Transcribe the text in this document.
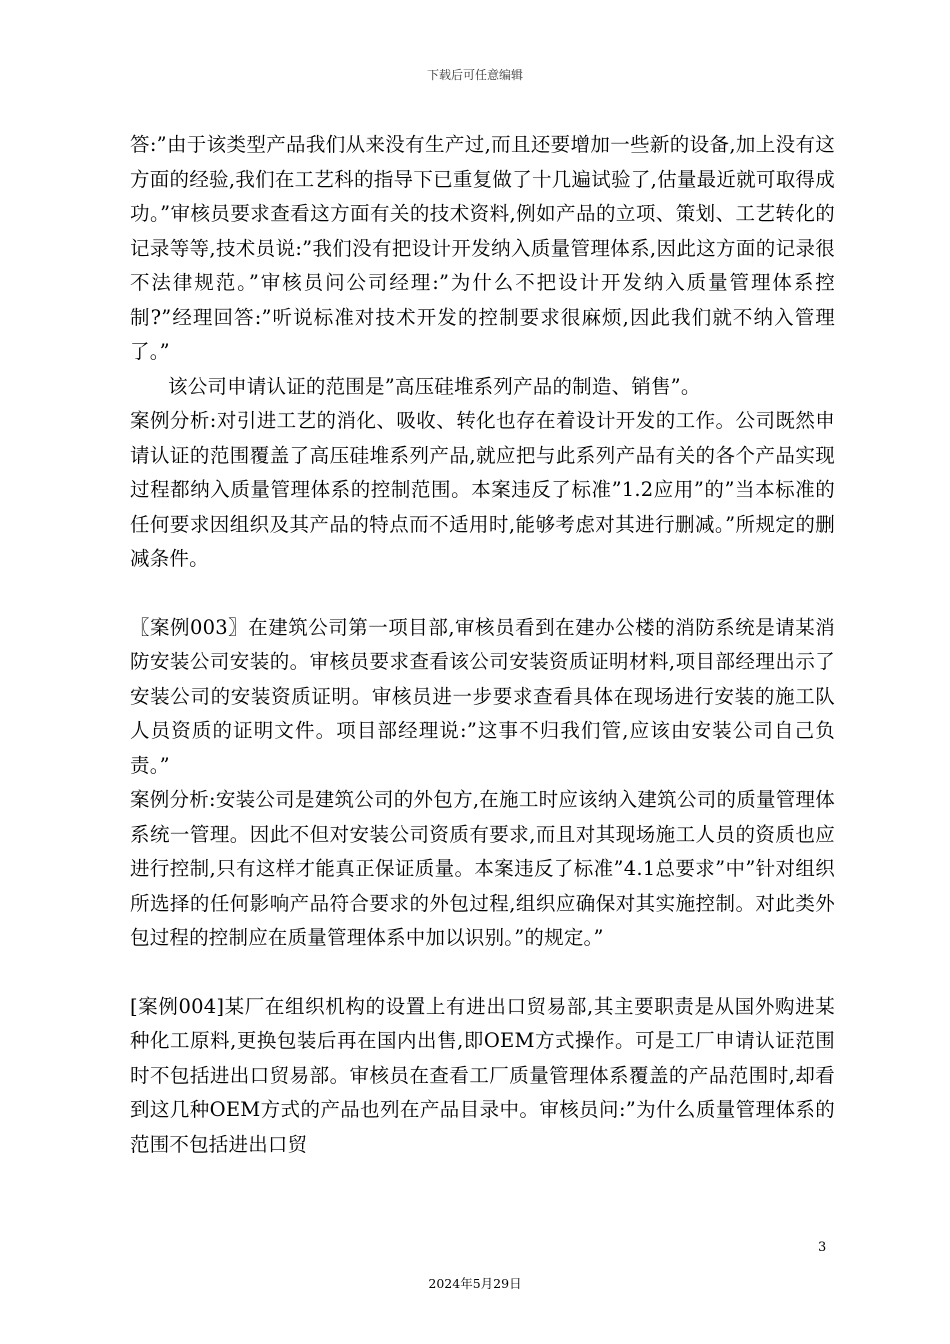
下载后可任意编辑

答:”由于该类型产品我们从来没有生产过,而且还要增加一些新的设备,加上没有这方面的经验,我们在工艺科的指导下已重复做了十几遍试验了,估量最近就可取得成功。”审核员要求查看这方面有关的技术资料,例如产品的立项、策划、工艺转化的记录等等,技术员说:”我们没有把设计开发纳入质量管理体系,因此这方面的记录很不法律规范。”审核员问公司经理:”为什么不把设计开发纳入质量管理体系控制?”经理回答:”听说标准对技术开发的控制要求很麻烦,因此我们就不纳入管理了。”

该公司申请认证的范围是”高压硅堆系列产品的制造、销售”。

案例分析:对引进工艺的消化、吸收、转化也存在着设计开发的工作。公司既然申请认证的范围覆盖了高压硅堆系列产品,就应把与此系列产品有关的各个产品实现过程都纳入质量管理体系的控制范围。本案违反了标准”1.2应用”的”当本标准的任何要求因组织及其产品的特点而不适用时,能够考虑对其进行删减。”所规定的删减条件。

〖案例003〗在建筑公司第一项目部,审核员看到在建办公楼的消防系统是请某消防安装公司安装的。审核员要求查看该公司安装资质证明材料,项目部经理出示了安装公司的安装资质证明。审核员进一步要求查看具体在现场进行安装的施工队人员资质的证明文件。项目部经理说:”这事不归我们管,应该由安装公司自己负责。”

案例分析:安装公司是建筑公司的外包方,在施工时应该纳入建筑公司的质量管理体系统一管理。因此不但对安装公司资质有要求,而且对其现场施工人员的资质也应进行控制,只有这样才能真正保证质量。本案违反了标准”4.1总要求”中”针对组织所选择的任何影响产品符合要求的外包过程,组织应确保对其实施控制。对此类外包过程的控制应在质量管理体系中加以识别。”的规定。”

[案例004]某厂在组织机构的设置上有进出口贸易部,其主要职责是从国外购进某种化工原料,更换包装后再在国内出售,即OEM方式操作。可是工厂申请认证范围时不包括进出口贸易部。审核员在查看工厂质量管理体系覆盖的产品范围时,却看到这几种OEM方式的产品也列在产品目录中。审核员问:”为什么质量管理体系的范围不包括进出口贸

3
2024年5月29日
